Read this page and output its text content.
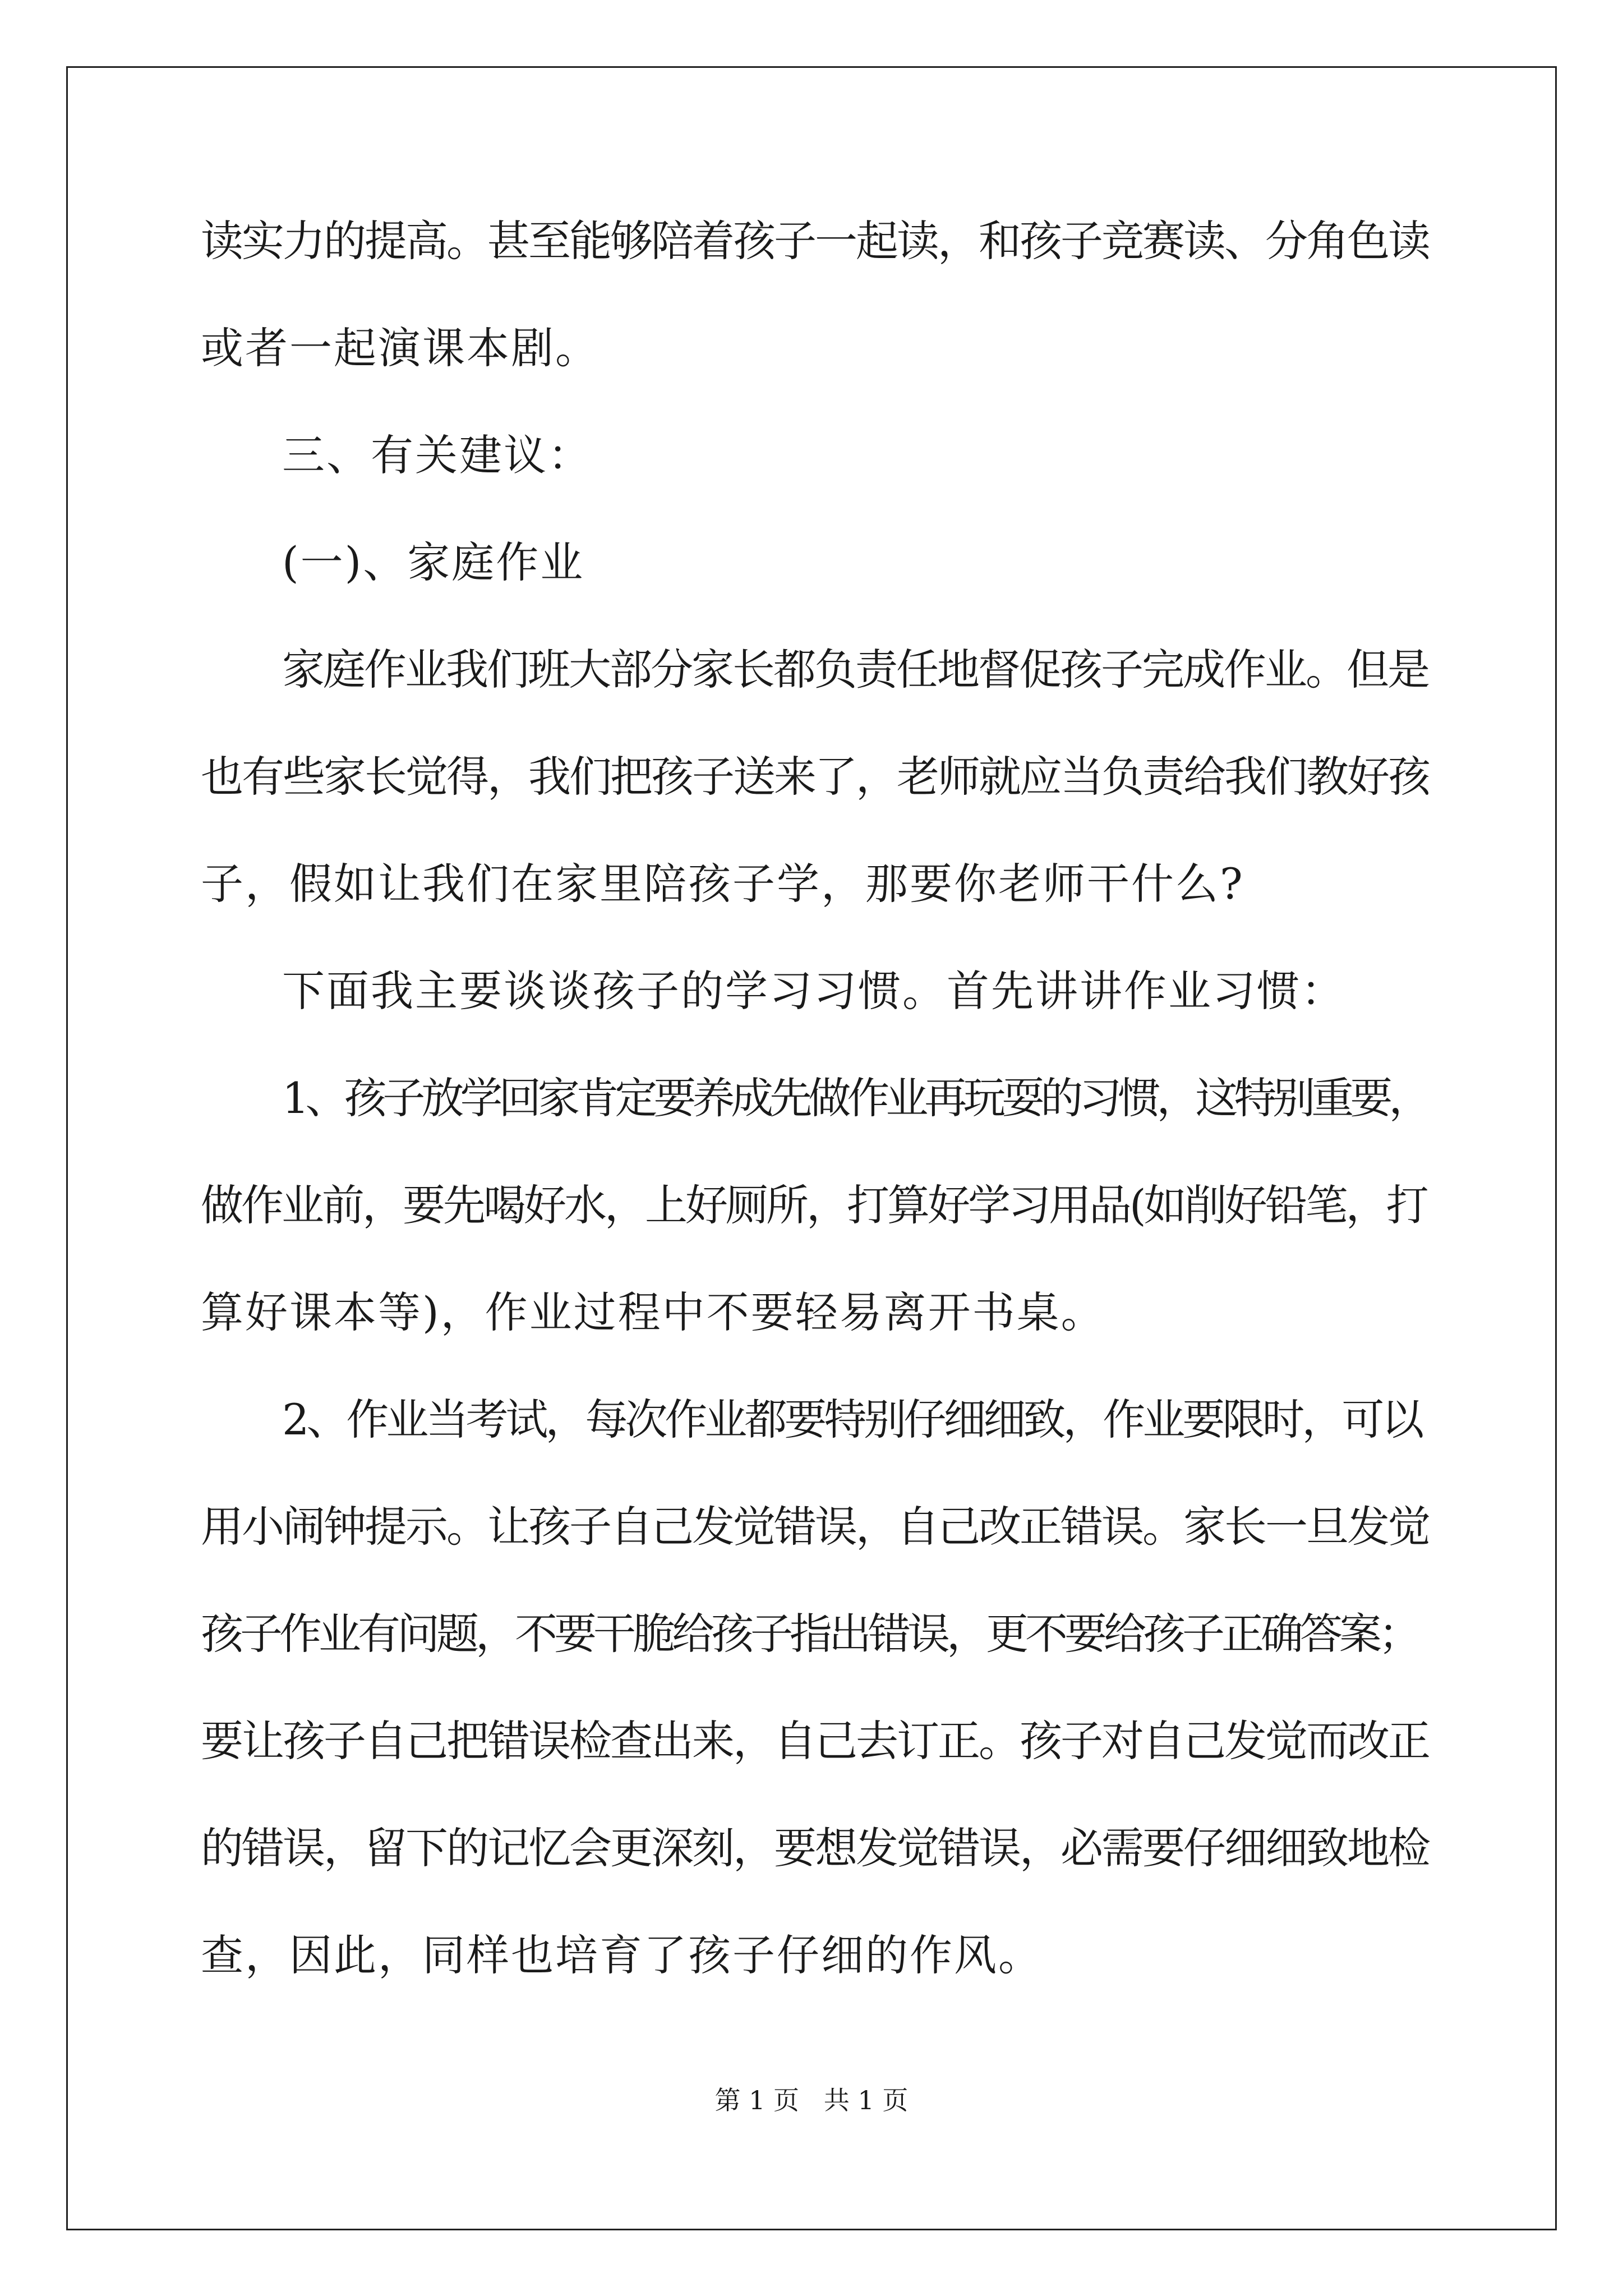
读实力的提高。甚至能够陪着孩子一起读，和孩子竞赛读、分角色读
或者一起演课本剧。
三、有关建议：
(一)、家庭作业
家庭作业我们班大部分家长都负责任地督促孩子完成作业。但是
也有些家长觉得，我们把孩子送来了，老师就应当负责给我们教好孩
子，假如让我们在家里陪孩子学，那要你老师干什么?
下面我主要谈谈孩子的学习习惯。首先讲讲作业习惯：
1、孩子放学回家肯定要养成先做作业再玩耍的习惯，这特别重要，
做作业前，要先喝好水，上好厕所，打算好学习用品(如削好铅笔，打
算好课本等)，作业过程中不要轻易离开书桌。
2、作业当考试，每次作业都要特别仔细细致，作业要限时，可以
用小闹钟提示。让孩子自己发觉错误，自己改正错误。家长一旦发觉
孩子作业有问题，不要干脆给孩子指出错误，更不要给孩子正确答案；
要让孩子自己把错误检查出来，自己去订正。孩子对自己发觉而改正
的错误，留下的记忆会更深刻，要想发觉错误，必需要仔细细致地检
查，因此，同样也培育了孩子仔细的作风。
第 1 页   共 1 页
